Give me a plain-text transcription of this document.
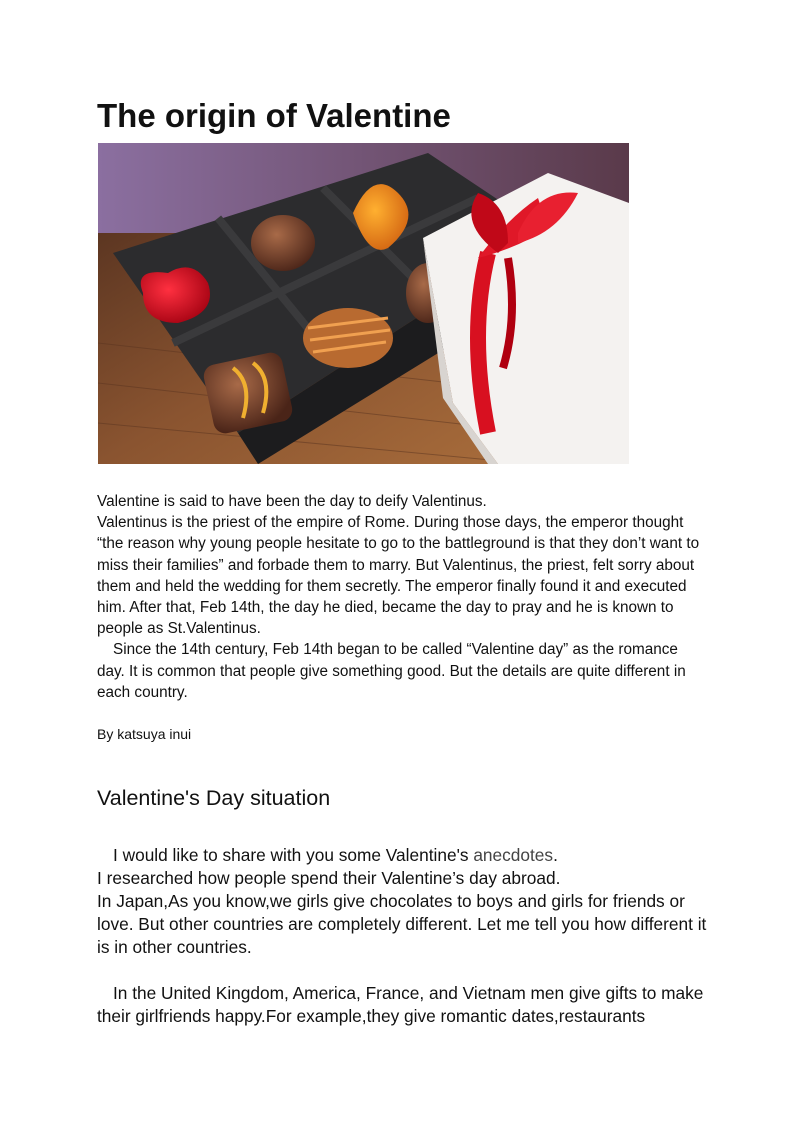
The origin of Valentine

Valentine is said to have been the day to deify Valentinus.

Valentinus is the priest of the empire of Rome. During those days, the emperor thought “the reason why young people hesitate to go to the battleground is that they don’t want to miss their families” and forbade them to marry. But Valentinus, the priest, felt sorry about them and held the wedding for them secretly. The emperor finally found it and executed him. After that, Feb 14th, the day he died, became the day to pray and he is known to people as St.Valentinus.

Since the 14th century, Feb 14th began to be called “Valentine day” as the romance day. It is common that people give something good. But the details are quite different in each country.

By katsuya inui

Valentine's Day situation

I would like to share with you some Valentine's anecdotes.

I researched how people spend their Valentine’s day abroad.

In Japan,As you know,we girls give chocolates to boys and girls for friends or love. But other countries are completely different. Let me tell you how different it is in other countries.

In the United Kingdom, America, France, and Vietnam men give gifts to make their girlfriends happy.For example,they give romantic dates,restaurants
